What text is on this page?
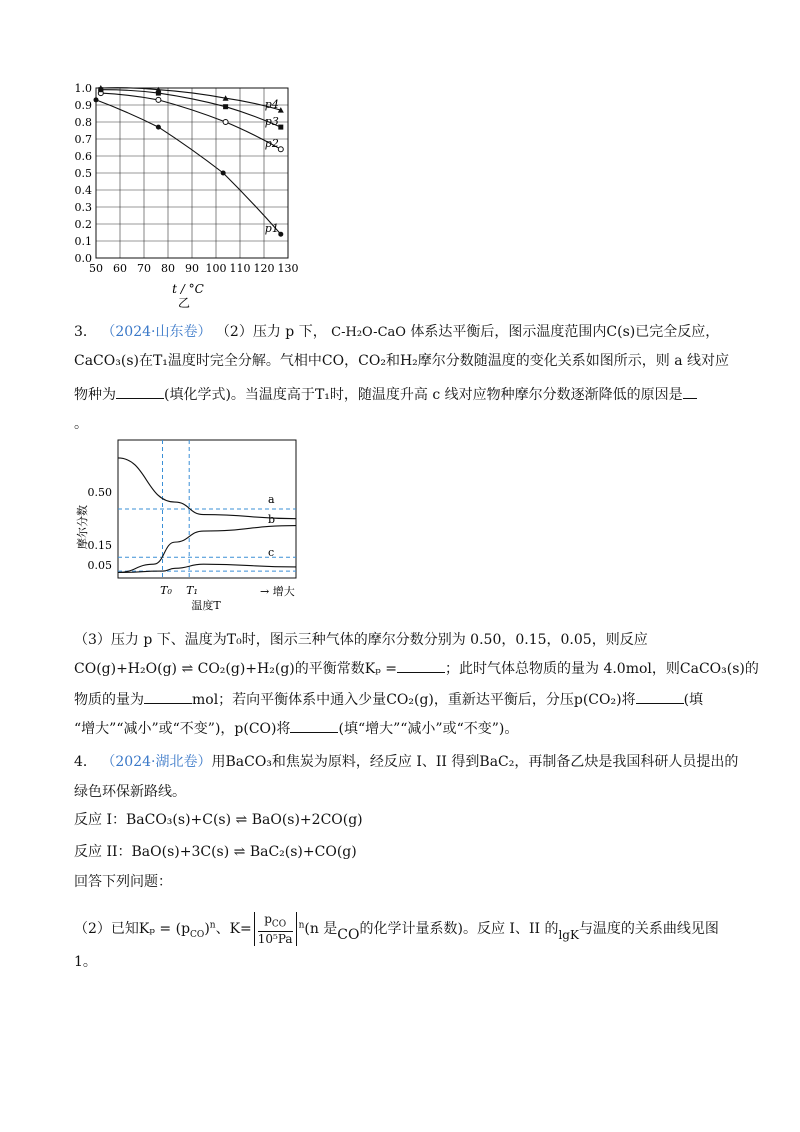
50 60 70 80 90 100 110 120 130
0.0
0.1
0.2
0.3
0.4
0.5
0.6
0.7
0.8
0.9
1.0
p1
p2
p3
p4
t / °C
乙
3． （2024·山东卷） （2）压力 p 下， C-H₂O-CaO 体系达平衡后，图示温度范围内C(s)已完全反应，
CaCO₃(s)在T₁温度时完全分解。气相中CO，CO₂和H₂摩尔分数随温度的变化关系如图所示，则 a 线对应
物种为	(填化学式)。当温度高于T₁时，随温度升高 c 线对应物种摩尔分数逐渐降低的原因是
。
摩尔分数
0.50
0.15
0.05
T₀ T₁
温度T
→ 增大
a
b
c
（3）压力 p 下、温度为T₀时，图示三种气体的摩尔分数分别为 0.50，0.15，0.05，则反应
CO(g)+H₂O(g) ⇌ CO₂(g)+H₂(g)的平衡常数Kₚ =	；此时气体总物质的量为 4.0mol，则CaCO₃(s)的
物质的量为	mol；若向平衡体系中通入少量CO₂(g)，重新达平衡后，分压p(CO₂)将	(填
“增大”“减小”或“不变”)，p(CO)将	(填“增大”“减小”或“不变”)。
4． （2024·湖北卷）用BaCO₃和焦炭为原料，经反应 I、II 得到BaC₂，再制备乙炔是我国科研人员提出的
绿色环保新路线。
反应 I：BaCO₃(s)+C(s) ⇌ BaO(s)+2CO(g)
反应 II：BaO(s)+3C(s) ⇌ BaC₂(s)+CO(g)
回答下列问题：
（2）已知$K_p = (p_{CO})^n$、K=
$p_{CO}$
10⁵Pa
$^n$(n 是CO的化学计量系数)。反应 I、II 的lgK与温度的关系曲线见图
1。
